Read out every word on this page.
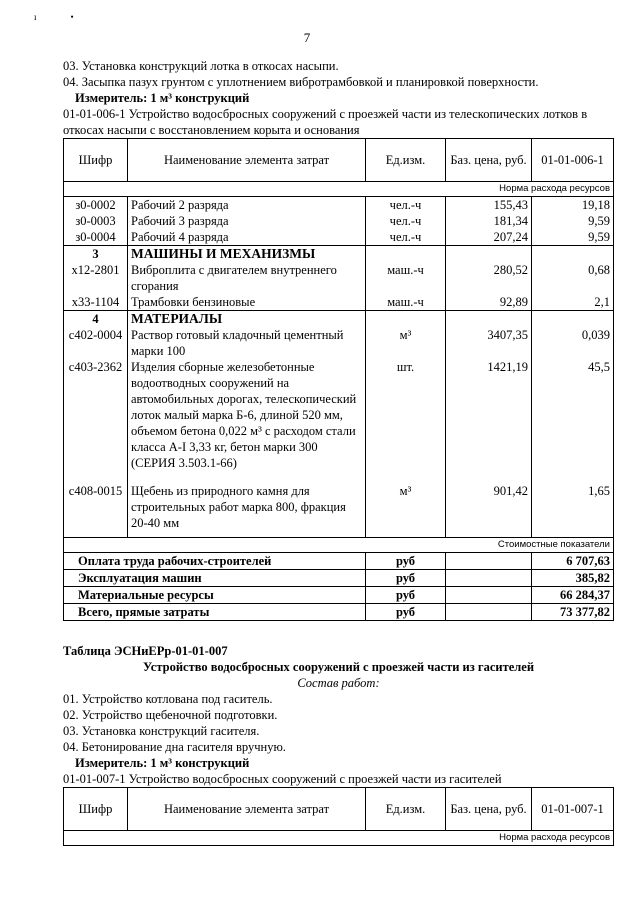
ı	•
7
03. Установка конструкций лотка в откосах насыпи.
04. Засыпка пазух грунтом с уплотнением вибротрамбовкой и планировкой поверхности.
Измеритель: 1 м³ конструкций
01-01-006-1 Устройство водосбросных сооружений с проезжей части из телескопических лотков в
откосах насыпи с восстановлением корыта и основания
Шифр	Наименование элемента затрат	Ед.изм.	Баз. цена, руб.	01-01-006-1
Норма расхода ресурсов				
з0-0002	Рабочий 2 разряда	чел.-ч	155,43	19,18
з0-0003	Рабочий 3 разряда	чел.-ч	181,34	9,59
з0-0004	Рабочий 4 разряда	чел.-ч	207,24	9,59
3	МАШИНЫ И МЕХАНИЗМЫ			
х12-2801	Виброплита с двигателем внутреннего сгорания	маш.-ч	280,52	0,68
х33-1104	Трамбовки бензиновые	маш.-ч	92,89	2,1
4	МАТЕРИАЛЫ			
с402-0004	Раствор готовый кладочный цементный марки 100	м³	3407,35	0,039
с403-2362	Изделия сборные железобетонные водоотводных сооружений на автомобильных дорогах, телескопический лоток малый марка Б-6, длиной 520 мм, объемом бетона 0,022 м³ с расходом стали класса А-I 3,33 кг, бетон марки 300 (СЕРИЯ 3.503.1-66)	шт.	1421,19	45,5
с408-0015	Щебень из природного камня для строительных работ марка 800, фракция 20-40 мм	м³	901,42	1,65
Стоимостные показатели				
Оплата труда рабочих-строителей		руб		6 707,63
Эксплуатация машин		руб		385,82
Материальные ресурсы		руб		66 284,37
Всего, прямые затраты		руб		73 377,82
Таблица ЭСНиЕРр-01-01-007
Устройство водосбросных сооружений с проезжей части из гасителей
Состав работ:
01. Устройство котлована под гаситель.
02. Устройство щебеночной подготовки.
03. Установка конструкций гасителя.
04. Бетонирование дна гасителя вручную.
Измеритель: 1 м³ конструкций
01-01-007-1 Устройство водосбросных сооружений с проезжей части из гасителей
Шифр	Наименование элемента затрат	Ед.изм.	Баз. цена, руб.	01-01-007-1
Норма расхода ресурсов
